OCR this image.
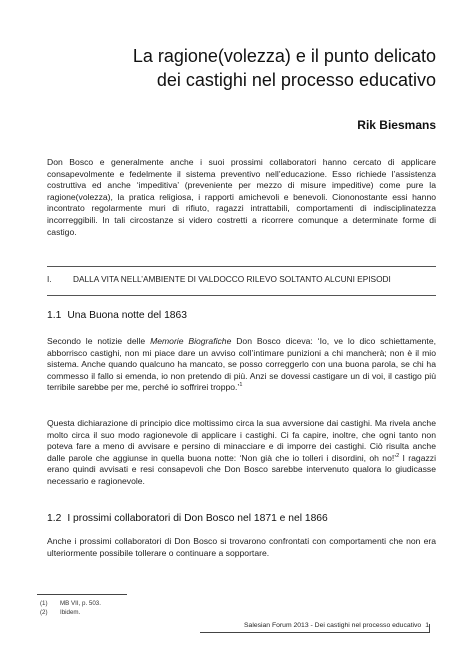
La ragione(volezza) e il punto delicato
dei castighi nel processo educativo
Rik Biesmans
Don Bosco e generalmente anche i suoi prossimi collaboratori hanno cercato di applicare consapevolmente e fedelmente il sistema preventivo nell’educazione. Esso richiede l’assistenza costruttiva ed anche ‘impeditiva’ (preveniente per mezzo di misure impeditive) come pure la ragione(volezza), la pratica religiosa, i rapporti amichevoli e benevoli. Ciononostante essi hanno incontrato regolarmente muri di rifiuto, ragazzi intrattabili, comportamenti di indisciplinatezza incorreggibili. In tali circostanze si videro costretti a ricorrere comunque a determinate forme di castigo.
I.	DALLA VITA NELL’AMBIENTE DI VALDOCCO RILEVO SOLTANTO ALCUNI EPISODI
1.1 Una Buona notte del 1863
Secondo le notizie delle Memorie Biografiche Don Bosco diceva: ‘Io, ve lo dico schiettamente, abborrisco castighi, non mi piace dare un avviso coll’intimare punizioni a chi mancherà; non è il mio sistema. Anche quando qualcuno ha mancato, se posso correggerlo con una buona parola, se chi ha commesso il fallo si emenda, io non pretendo di più. Anzi se dovessi castigare un di voi, il castigo più terribile sarebbe per me, perché io soffrirei troppo.’$^1$
Questa dichiarazione di principio dice moltissimo circa la sua avversione dai castighi. Ma rivela anche molto circa il suo modo ragionevole di applicare i castighi. Ci fa capire, inoltre, che ogni tanto non poteva fare a meno di avvisare e persino di minacciare e di imporre dei castighi. Ciò risulta anche dalle parole che aggiunse in quella buona notte: ‘Non già che io tolleri i disordini, oh no!’$^2$ I ragazzi erano quindi avvisati e resi consapevoli che Don Bosco sarebbe intervenuto qualora lo giudicasse necessario e ragionevole.
1.2 I prossimi collaboratori di Don Bosco nel 1871 e nel 1866
Anche i prossimi collaboratori di Don Bosco si trovarono confrontati con comportamenti che non era ulteriormente possibile tollerare o continuare a sopportare.
(1) MB VII, p. 503.
(2) Ibidem.
Salesian Forum 2013 - Dei castighi nel processo educativo 1
